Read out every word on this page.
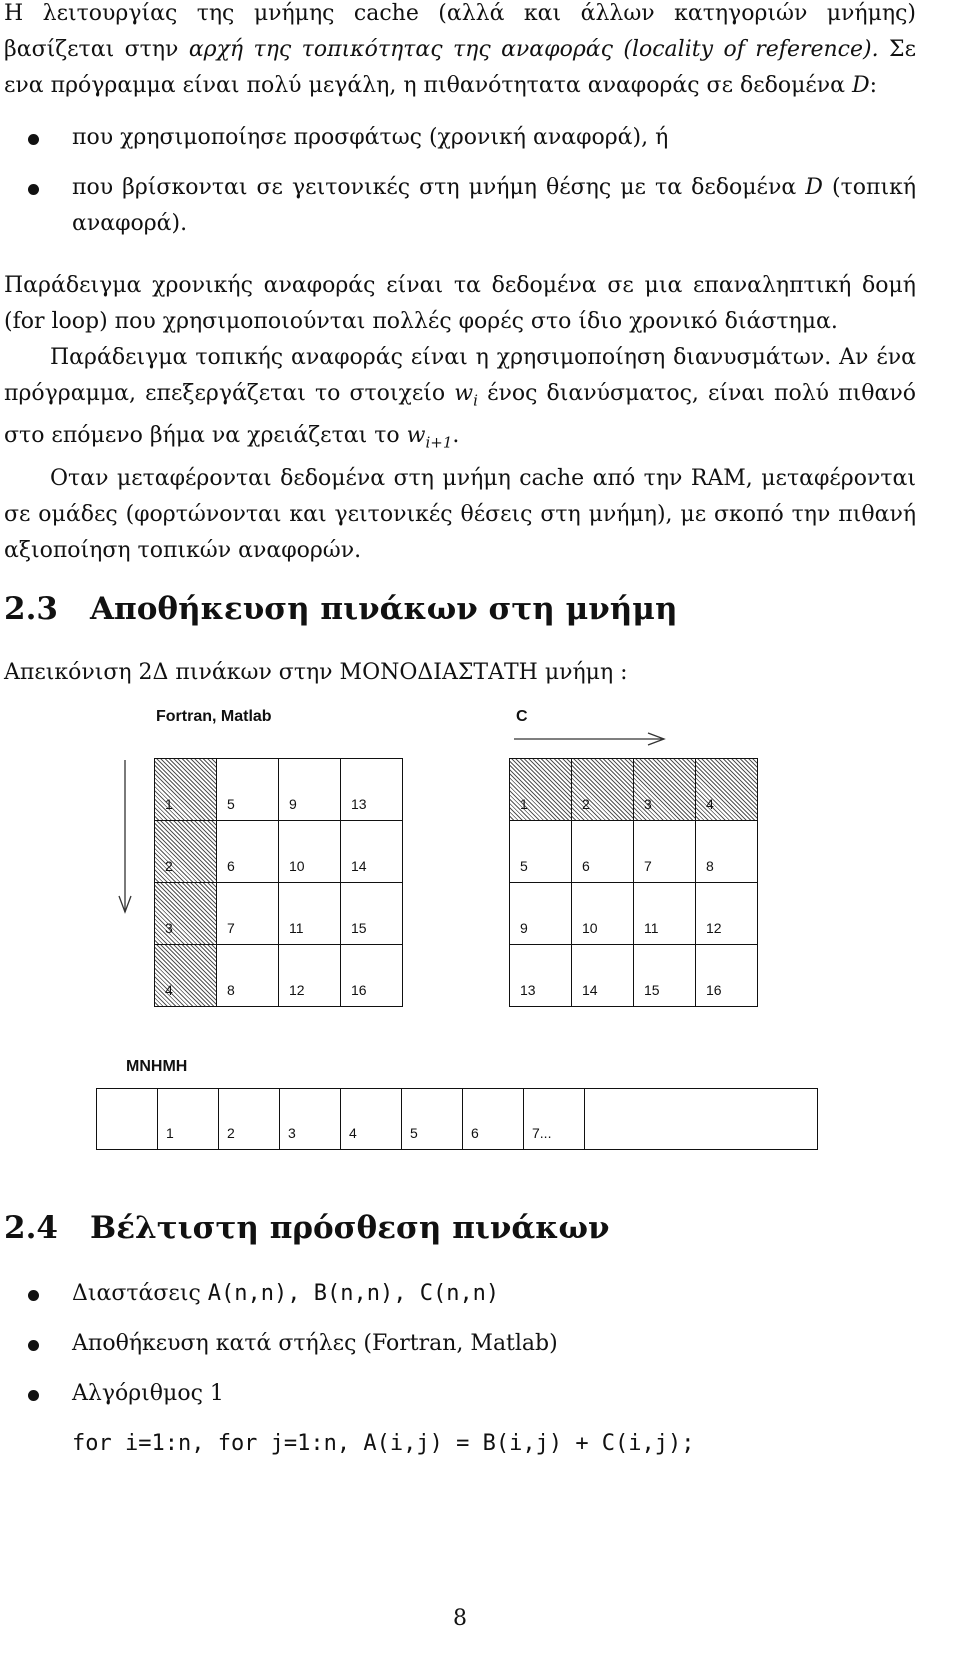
Η λειτουργίας της μνήμης cache (αλλά και άλλων κατηγοριών μνήμης) βασίζεται στην αρχή της τοπικότητας της αναφοράς (locality of reference). Σε ενα πρόγραμμα είναι πολύ μεγάλη, η πιθανότητατα αναφοράς σε δεδομένα D:

που χρησιμοποίησε προσφάτως (χρονική αναφορά), ή
που βρίσκονται σε γειτονικές στη μνήμη θέσης με τα δεδομένα D (τοπική αναφορά).

Παράδειγμα χρονικής αναφοράς είναι τα δεδομένα σε μια επαναληπτική δομή (for loop) που χρησιμοποιούνται πολλές φορές στο ίδιο χρονικό διάστημα.

Παράδειγμα τοπικής αναφοράς είναι η χρησιμοποίηση διανυσμάτων. Αν ένα πρόγραμμα, επεξεργάζεται το στοιχείο $w_i$ ένος διανύσματος, είναι πολύ πιθανό στο επόμενο βήμα να χρειάζεται το $w_{i+1}$.

Οταν μεταφέρονται δεδομένα στη μνήμη cache από την RAM, μεταφέρονται σε ομάδες (φορτώνονται και γειτονικές θέσεις στη μνήμη), με σκοπό την πιθανή αξιοποίηση τοπικών αναφορών.

2.3 Αποθήκευση πινάκων στη μνήμη

Απεικόνιση 2Δ πινάκων στην ΜΟΝΟΔΙΑΣΤΑΤΗ μνήμη :

Fortran, Matlab	C
1	5	9	13
2	6	10	14
3	7	11	15
4	8	12	16
1	2	3	4
5	6	7	8
9	10	11	12
13	14	15	16
MNHMH
1	2	3	4	5	6	7...
2.4 Βέλτιστη πρόσθεση πινάκων
Διαστάσεις A(n,n), B(n,n), C(n,n)
Αποθήκευση κατά στήλες (Fortran, Matlab)
Αλγόριθμος 1
for i=1:n, for j=1:n, A(i,j) = B(i,j) + C(i,j);
8
